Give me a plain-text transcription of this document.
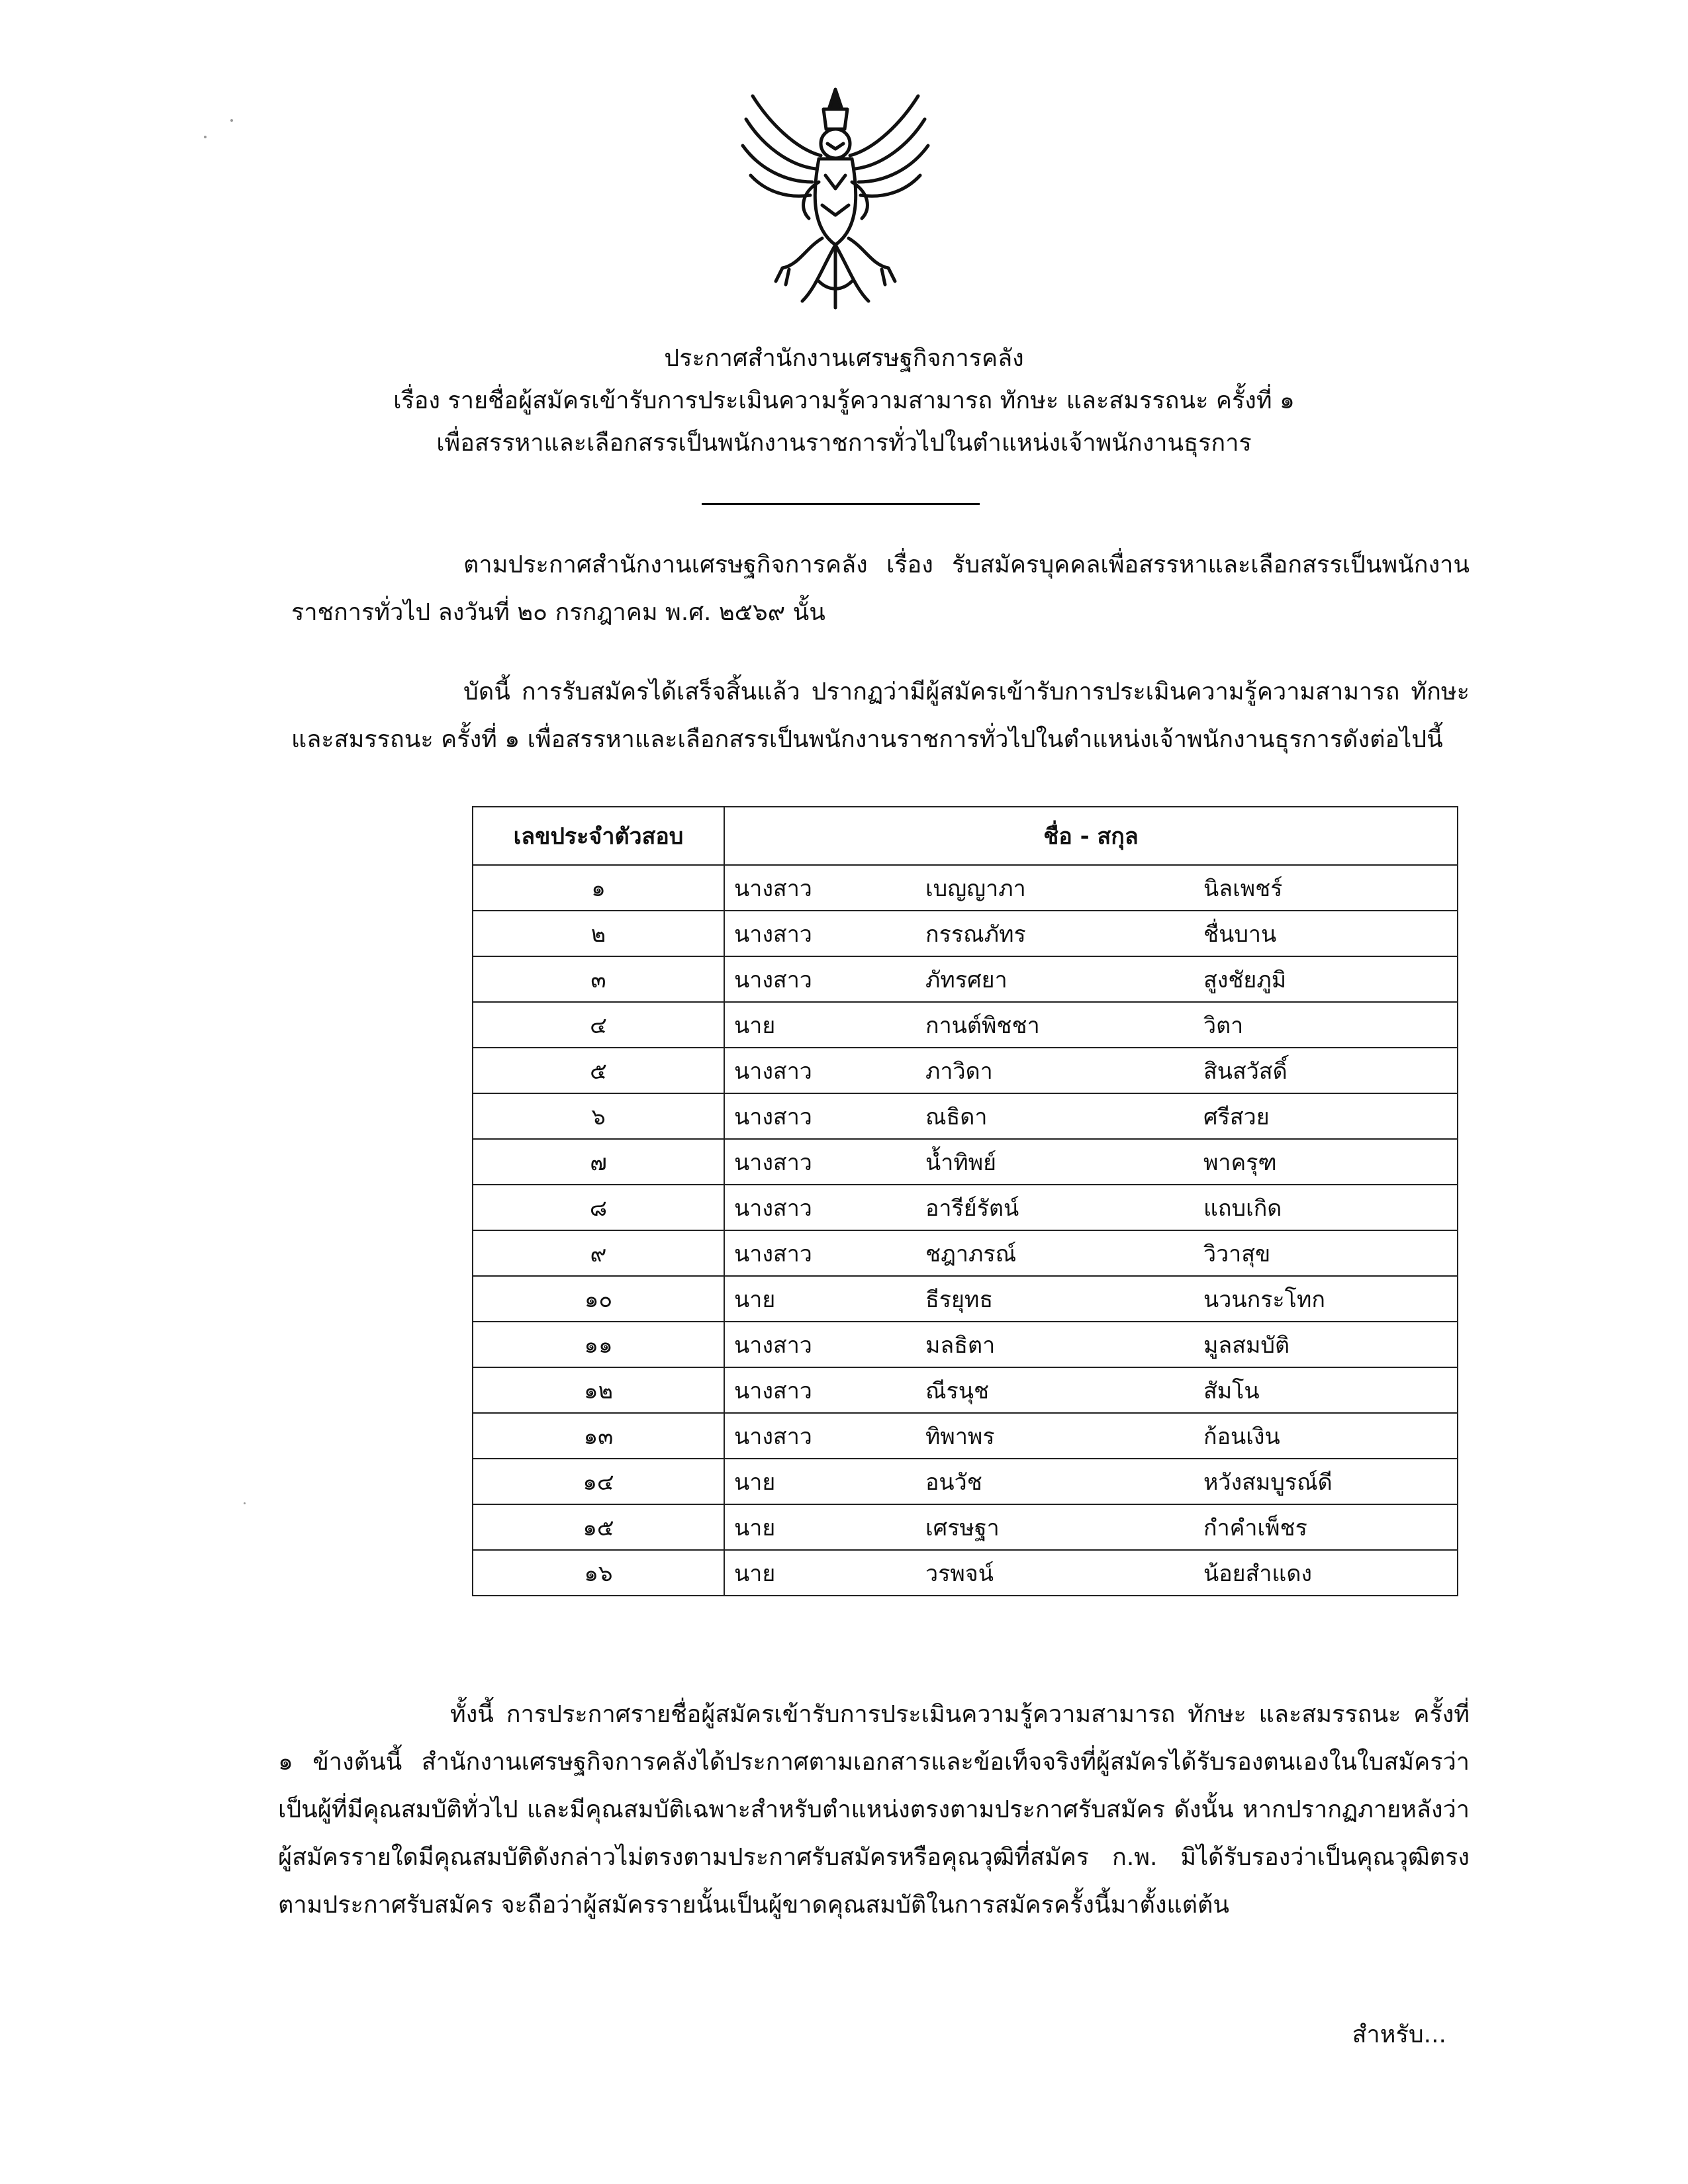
ประกาศสำนักงานเศรษฐกิจการคลัง

เรื่อง รายชื่อผู้สมัครเข้ารับการประเมินความรู้ความสามารถ ทักษะ และสมรรถนะ ครั้งที่ ๑

เพื่อสรรหาและเลือกสรรเป็นพนักงานราชการทั่วไปในตำแหน่งเจ้าพนักงานธุรการ

ตามประกาศสำนักงานเศรษฐกิจการคลัง เรื่อง รับสมัครบุคคลเพื่อสรรหาและเลือกสรรเป็นพนักงานราชการทั่วไป ลงวันที่ ๒๐ กรกฎาคม พ.ศ. ๒๕๖๙ นั้น

บัดนี้ การรับสมัครได้เสร็จสิ้นแล้ว ปรากฏว่ามีผู้สมัครเข้ารับการประเมินความรู้ความสามารถ ทักษะ และสมรรถนะ ครั้งที่ ๑ เพื่อสรรหาและเลือกสรรเป็นพนักงานราชการทั่วไปในตำแหน่งเจ้าพนักงานธุรการดังต่อไปนี้

เลขประจำตัวสอบ	ชื่อ - สกุล		
๑	นางสาว	เบญญาภา	นิลเพชร์
๒	นางสาว	กรรณภัทร	ชื่นบาน
๓	นางสาว	ภัทรศยา	สูงชัยภูมิ
๔	นาย	กานต์พิชชา	วิตา
๕	นางสาว	ภาวิดา	สินสวัสดิ์
๖	นางสาว	ณธิดา	ศรีสวย
๗	นางสาว	น้ำทิพย์	พาครุฑ
๘	นางสาว	อารีย์รัตน์	แถบเกิด
๙	นางสาว	ชฎาภรณ์	วิวาสุข
๑๐	นาย	ธีรยุทธ	นวนกระโทก
๑๑	นางสาว	มลธิตา	มูลสมบัติ
๑๒	นางสาว	ณีรนุช	สัมโน
๑๓	นางสาว	ทิพาพร	ก้อนเงิน
๑๔	นาย	อนวัช	หวังสมบูรณ์ดี
๑๕	นาย	เศรษฐา	กำคำเพ็ชร
๑๖	นาย	วรพจน์	น้อยสำแดง

ทั้งนี้ การประกาศรายชื่อผู้สมัครเข้ารับการประเมินความรู้ความสามารถ ทักษะ และสมรรถนะ ครั้งที่ ๑ ข้างต้นนี้ สำนักงานเศรษฐกิจการคลังได้ประกาศตามเอกสารและข้อเท็จจริงที่ผู้สมัครได้รับรองตนเองในใบสมัครว่า เป็นผู้ที่มีคุณสมบัติทั่วไป และมีคุณสมบัติเฉพาะสำหรับตำแหน่งตรงตามประกาศรับสมัคร ดังนั้น หากปรากฏภายหลังว่า ผู้สมัครรายใดมีคุณสมบัติดังกล่าวไม่ตรงตามประกาศรับสมัครหรือคุณวุฒิที่สมัคร ก.พ. มิได้รับรองว่าเป็นคุณวุฒิตรงตามประกาศรับสมัคร จะถือว่าผู้สมัครรายนั้นเป็นผู้ขาดคุณสมบัติในการสมัครครั้งนี้มาตั้งแต่ต้น

สำหรับ...
